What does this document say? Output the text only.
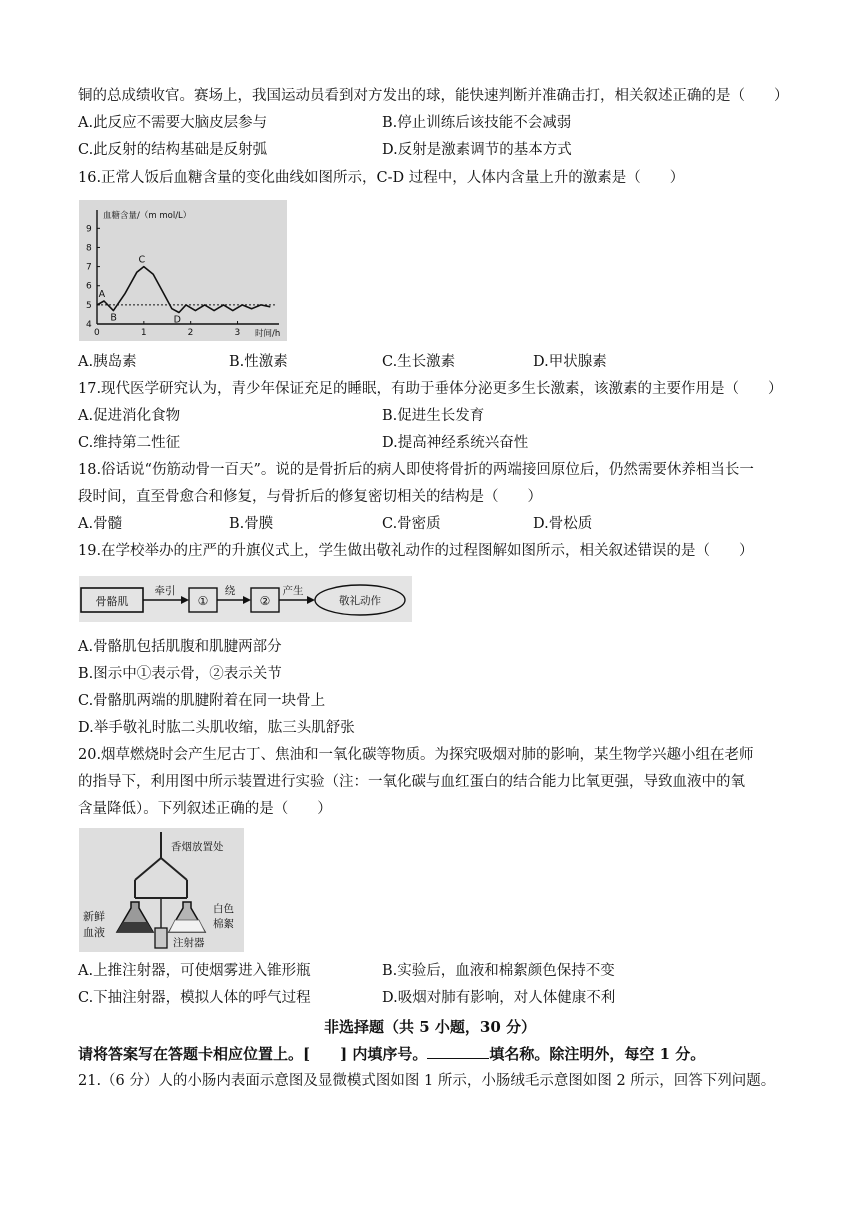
铜的总成绩收官。赛场上，我国运动员看到对方发出的球，能快速判断并准确击打，相关叙述正确的是（　　）
A.此反应不需要大脑皮层参与	B.停止训练后该技能不会减弱
C.此反射的结构基础是反射弧	D.反射是激素调节的基本方式
16.正常人饭后血糖含量的变化曲线如图所示，C-D 过程中，人体内含量上升的激素是（　　）
血糖含量/（m mol/L）
时间/h
9
8
7
6
5
4
0	1	2	3
A
B
C
D
A.胰岛素	B.性激素	C.生长激素	D.甲状腺素
17.现代医学研究认为，青少年保证充足的睡眠，有助于垂体分泌更多生长激素，该激素的主要作用是（　　）
A.促进消化食物	B.促进生长发育
C.维持第二性征	D.提高神经系统兴奋性
18.俗话说“伤筋动骨一百天”。说的是骨折后的病人即使将骨折的两端接回原位后，仍然需要休养相当长一
段时间，直至骨愈合和修复，与骨折后的修复密切相关的结构是（　　）
A.骨髓	B.骨膜	C.骨密质	D.骨松质
19.在学校举办的庄严的升旗仪式上，学生做出敬礼动作的过程图解如图所示，相关叙述错误的是（　　）
骨骼肌
牵引
①
绕
②
产生
敬礼动作
A.骨骼肌包括肌腹和肌腱两部分
B.图示中①表示骨，②表示关节
C.骨骼肌两端的肌腱附着在同一块骨上
D.举手敬礼时肱二头肌收缩，肱三头肌舒张
20.烟草燃烧时会产生尼古丁、焦油和一氧化碳等物质。为探究吸烟对肺的影响，某生物学兴趣小组在老师
的指导下，利用图中所示装置进行实验（注：一氧化碳与血红蛋白的结合能力比氧更强，导致血液中的氧
含量降低）。下列叙述正确的是（　　）
香烟放置处
新鲜
血液
白色
棉絮
注射器
A.上推注射器，可使烟雾进入锥形瓶	B.实验后，血液和棉絮颜色保持不变
C.下抽注射器，模拟人体的呼气过程	D.吸烟对肺有影响，对人体健康不利
非选择题（共 5 小题，30 分）
请将答案写在答题卡相应位置上。[　　] 内填序号。	填名称。除注明外，每空 1 分。
21.（6 分）人的小肠内表面示意图及显微模式图如图 1 所示，小肠绒毛示意图如图 2 所示，回答下列问题。
